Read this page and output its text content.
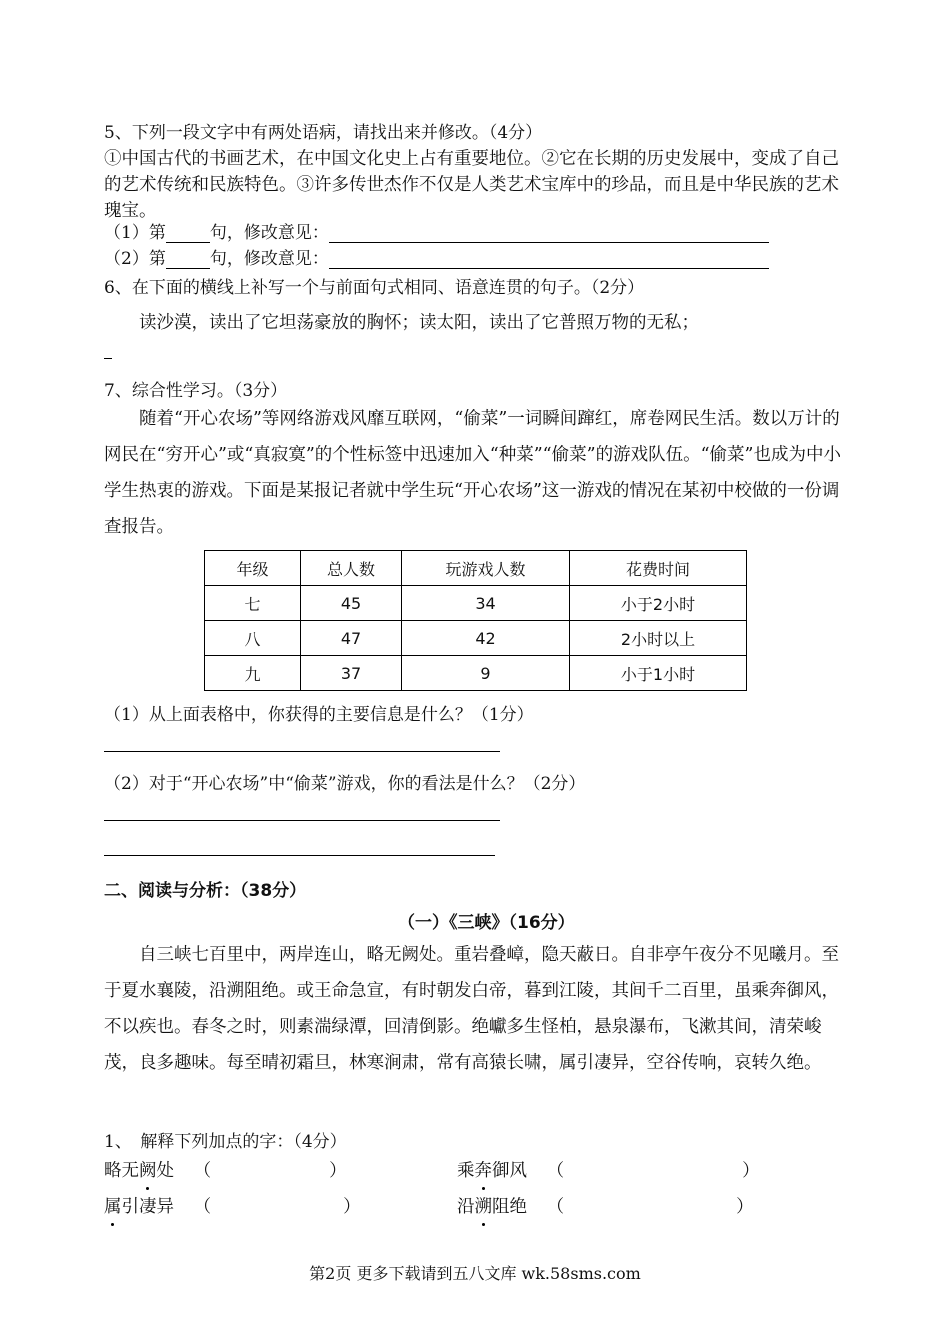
5、下列一段文字中有两处语病，请找出来并修改。（4分）
①中国古代的书画艺术，在中国文化史上占有重要地位。②它在长期的历史发展中，变成了自己的艺术传统和民族特色。③许多传世杰作不仅是人类艺术宝库中的珍品，而且是中华民族的艺术瑰宝。
（1）第	句，修改意见：
（2）第	句，修改意见：
6、在下面的横线上补写一个与前面句式相同、语意连贯的句子。（2分）
读沙漠，读出了它坦荡豪放的胸怀；读太阳，读出了它普照万物的无私；
7、综合性学习。（3分）
随着“开心农场”等网络游戏风靡互联网，“偷菜”一词瞬间蹿红，席卷网民生活。数以万计的网民在“穷开心”或“真寂寞”的个性标签中迅速加入“种菜”“偷菜”的游戏队伍。“偷菜”也成为中小学生热衷的游戏。下面是某报记者就中学生玩“开心农场”这一游戏的情况在某初中校做的一份调查报告。
年级	总人数	玩游戏人数	花费时间
七	45	34	小于2小时
八	47	42	2小时以上
九	37	9	小于1小时
（1）从上面表格中，你获得的主要信息是什么？（1分）
（2）对于“开心农场”中“偷菜”游戏，你的看法是什么？（2分）
二、阅读与分析：（38分）
（一）《三峡》（16分）
自三峡七百里中，两岸连山，略无阙处。重岩叠嶂，隐天蔽日。自非亭午夜分不见曦月。至于夏水襄陵，沿溯阻绝。或王命急宣，有时朝发白帝，暮到江陵，其间千二百里，虽乘奔御风，不以疾也。春冬之时，则素湍绿潭，回清倒影。绝巘多生怪柏，悬泉瀑布，飞漱其间，清荣峻茂，良多趣味。每至晴初霜旦，林寒涧肃，常有高猿长啸，属引凄异，空谷传响，哀转久绝。
1、　解释下列加点的字：（4分）
略无阙处 （	）	乘奔御风 （	）
属引凄异 （	）	沿溯阻绝 （	）
第2页 更多下载请到五八文库 wk.58sms.com
